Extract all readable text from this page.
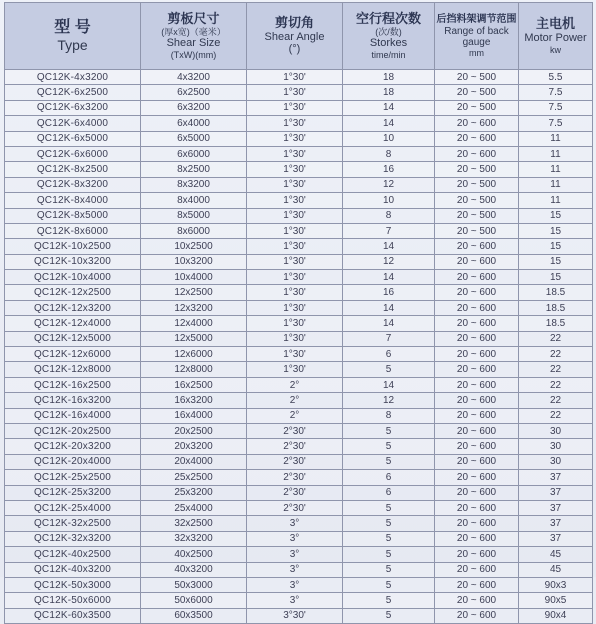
型 号
Type	剪板尺寸
(厚x宽)（毫米）
Shear Size
(TxW)(mm)	剪切角
Shear Angle
(°)	空行程次数
(次/数)
Storkes
time/min	后挡料架调节范围
Range of back gauge
mm	主电机
Motor Power
kw

QC12K-4x3200	4x3200	1°30'	18	20 ~ 500	5.5
QC12K-6x2500	6x2500	1°30'	18	20 ~ 500	7.5
QC12K-6x3200	6x3200	1°30'	14	20 ~ 500	7.5
QC12K-6x4000	6x4000	1°30'	14	20 ~ 600	7.5
QC12K-6x5000	6x5000	1°30'	10	20 ~ 600	11
QC12K-6x6000	6x6000	1°30'	8	20 ~ 600	11
QC12K-8x2500	8x2500	1°30'	16	20 ~ 500	11
QC12K-8x3200	8x3200	1°30'	12	20 ~ 500	11
QC12K-8x4000	8x4000	1°30'	10	20 ~ 500	11
QC12K-8x5000	8x5000	1°30'	8	20 ~ 500	15
QC12K-8x6000	8x6000	1°30'	7	20 ~ 500	15
QC12K-10x2500	10x2500	1°30'	14	20 ~ 600	15
QC12K-10x3200	10x3200	1°30'	12	20 ~ 600	15
QC12K-10x4000	10x4000	1°30'	14	20 ~ 600	15
QC12K-12x2500	12x2500	1°30'	16	20 ~ 600	18.5
QC12K-12x3200	12x3200	1°30'	14	20 ~ 600	18.5
QC12K-12x4000	12x4000	1°30'	14	20 ~ 600	18.5
QC12K-12x5000	12x5000	1°30'	7	20 ~ 600	22
QC12K-12x6000	12x6000	1°30'	6	20 ~ 600	22
QC12K-12x8000	12x8000	1°30'	5	20 ~ 600	22
QC12K-16x2500	16x2500	2°	14	20 ~ 600	22
QC12K-16x3200	16x3200	2°	12	20 ~ 600	22
QC12K-16x4000	16x4000	2°	8	20 ~ 600	22
QC12K-20x2500	20x2500	2°30'	5	20 ~ 600	30
QC12K-20x3200	20x3200	2°30'	5	20 ~ 600	30
QC12K-20x4000	20x4000	2°30'	5	20 ~ 600	30
QC12K-25x2500	25x2500	2°30'	6	20 ~ 600	37
QC12K-25x3200	25x3200	2°30'	6	20 ~ 600	37
QC12K-25x4000	25x4000	2°30'	5	20 ~ 600	37
QC12K-32x2500	32x2500	3°	5	20 ~ 600	37
QC12K-32x3200	32x3200	3°	5	20 ~ 600	37
QC12K-40x2500	40x2500	3°	5	20 ~ 600	45
QC12K-40x3200	40x3200	3°	5	20 ~ 600	45
QC12K-50x3000	50x3000	3°	5	20 ~ 600	90x3
QC12K-50x6000	50x6000	3°	5	20 ~ 600	90x5
QC12K-60x3500	60x3500	3°30'	5	20 ~ 600	90x4
